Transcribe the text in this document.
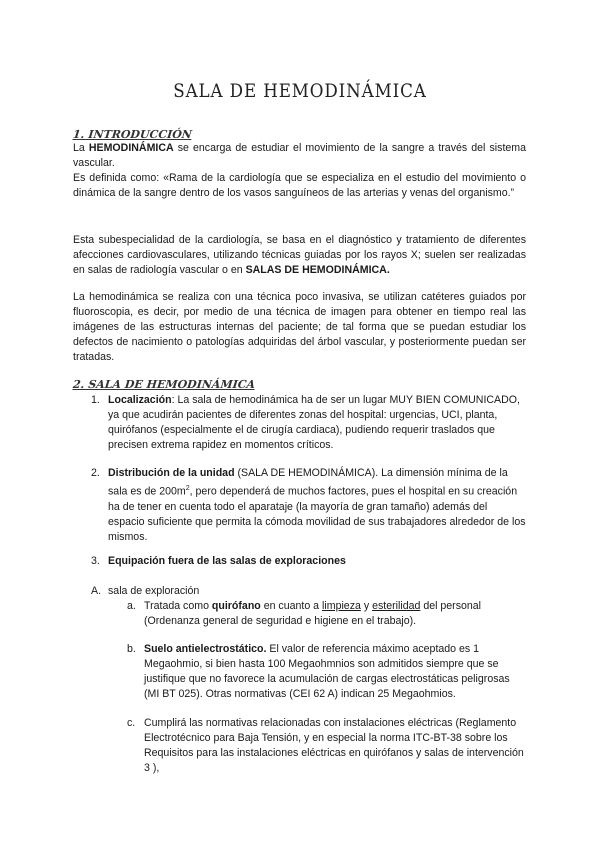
SALA DE HEMODINÁMICA
1. INTRODUCCIÓN
La HEMODINÁMICA se encarga de estudiar el movimiento de la sangre a través del sistema vascular.
Es definida como: «Rama de la cardiología que se especializa en el estudio del movimiento o dinámica de la sangre dentro de los vasos sanguíneos de las arterias y venas del organismo.”
Esta subespecialidad de la cardiología, se basa en el diagnóstico y tratamiento de diferentes afecciones cardiovasculares, utilizando técnicas guiadas por los rayos X; suelen ser realizadas en salas de radiología vascular o en SALAS DE HEMODINÁMICA.
La hemodinámica se realiza con una técnica poco invasiva, se utilizan catéteres guiados por fluoroscopia, es decir, por medio de una técnica de imagen para obtener en tiempo real las imágenes de las estructuras internas del paciente; de tal forma que se puedan estudiar los defectos de nacimiento o patologías adquiridas del árbol vascular, y posteriormente puedan ser tratadas.
2. SALA DE HEMODINÁMICA
1. Localización: La sala de hemodinámica ha de ser un lugar MUY BIEN COMUNICADO, ya que acudirán pacientes de diferentes zonas del hospital: urgencias, UCI, planta, quirófanos (especialmente el de cirugía cardiaca), pudiendo requerir traslados que precisen extrema rapidez en momentos críticos.
2. Distribución de la unidad (SALA DE HEMODINÁMICA). La dimensión mínima de la sala es de $200m^2$, pero dependerá de muchos factores, pues el hospital en su creación ha de tener en cuenta todo el aparataje (la mayoría de gran tamaño) además del espacio suficiente que permita la cómoda movilidad de sus trabajadores alrededor de los mismos.
3. Equipación fuera de las salas de exploraciones
A. sala de exploración
a. Tratada como quirófano en cuanto a limpieza y esterilidad del personal (Ordenanza general de seguridad e higiene en el trabajo).
b. Suelo antielectrostático. El valor de referencia máximo aceptado es 1 Megaohmio, si bien hasta 100 Megaohmnios son admitidos siempre que se justifique que no favorece la acumulación de cargas electrostáticas peligrosas (MI BT 025). Otras normativas (CEI 62 A) indican 25 Megaohmios.
c. Cumplirá las normativas relacionadas con instalaciones eléctricas (Reglamento Electrotécnico para Baja Tensión, y en especial la norma ITC-BT-38 sobre los Requisitos para las instalaciones eléctricas en quirófanos y salas de intervención 3 ),
